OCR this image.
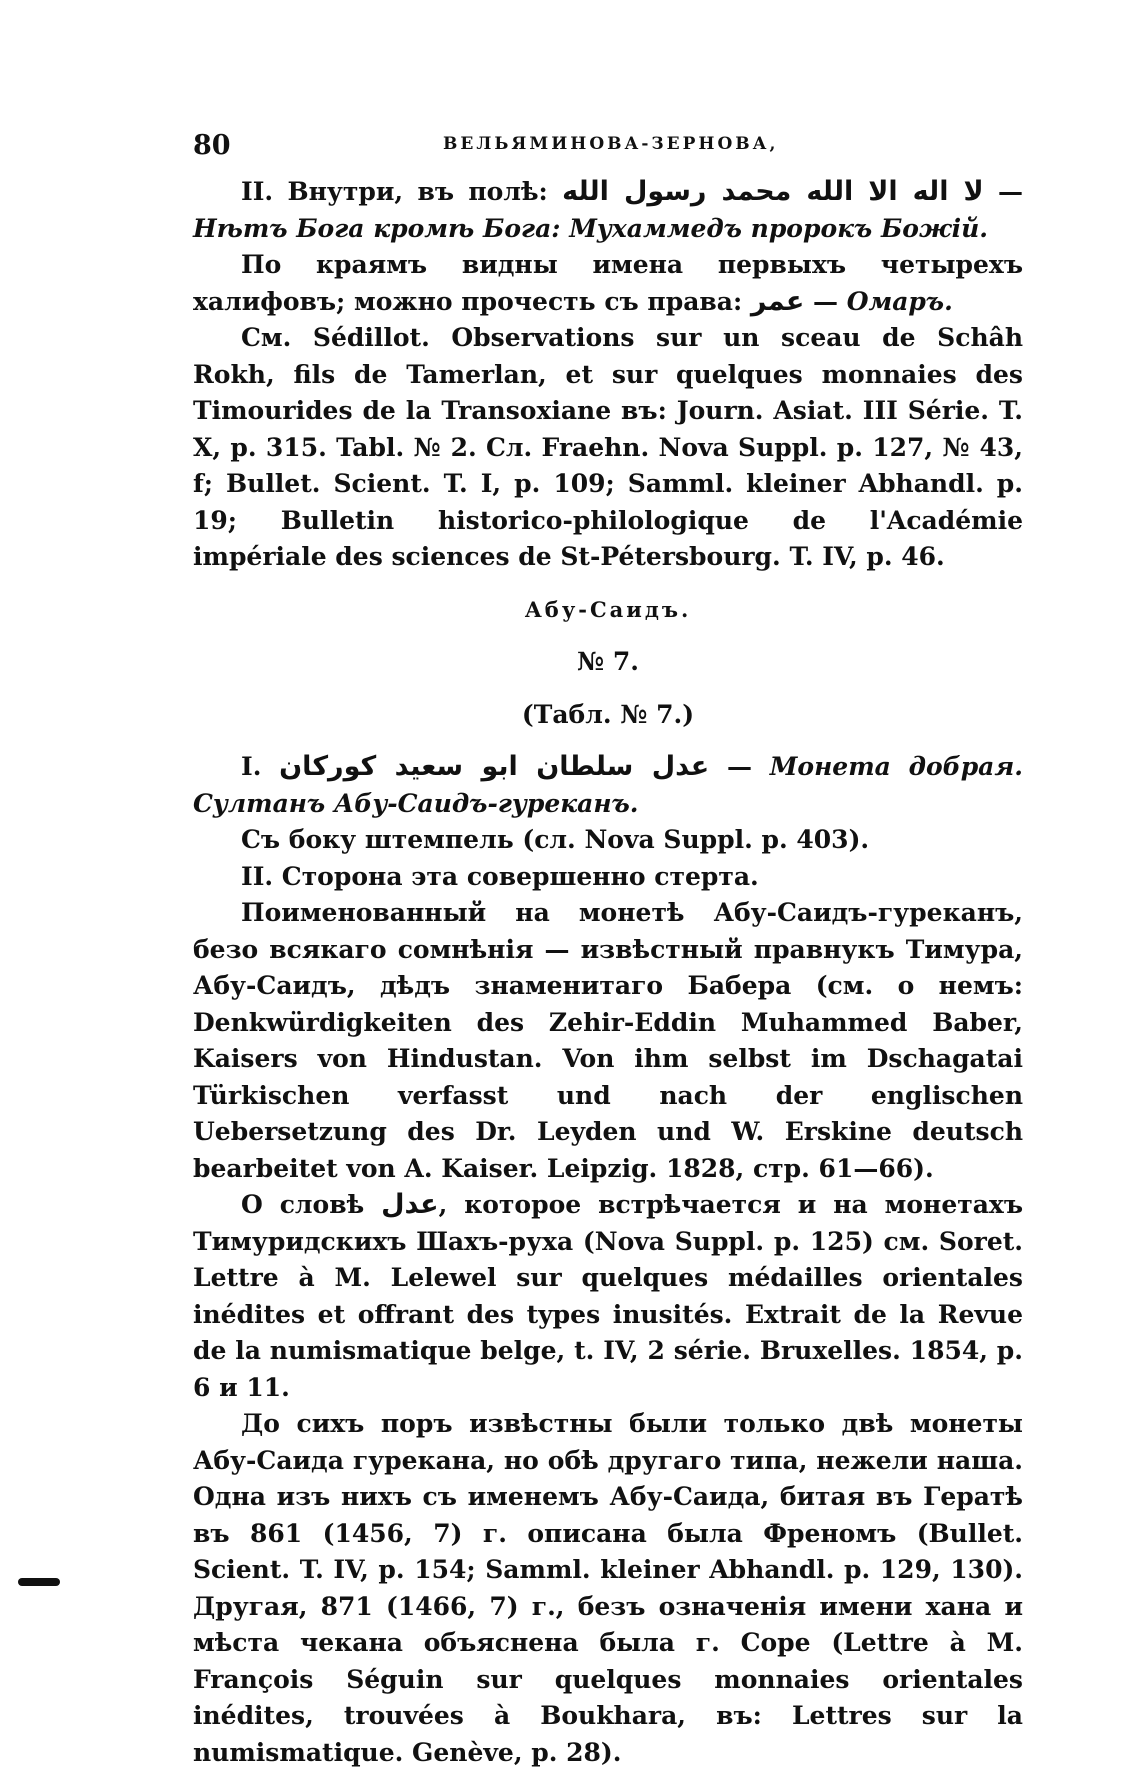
80	ВЕЛЬЯМИНОВА-ЗЕРНОВА,

II. Внутри, въ полѣ: لا اله الا الله محمد رسول الله — Нѣтъ Бога кромѣ Бога: Мухаммедъ пророкъ Божій.

По краямъ видны имена первыхъ четырехъ халифовъ; можно прочесть съ права: عمر — Омаръ.

См. Sédillot. Observations sur un sceau de Schâh Rokh, fils de Tamerlan, et sur quelques monnaies des Timourides de la Transoxiane въ: Journ. Asiat. III Série. T. X, p. 315. Tabl. № 2. Сл. Fraehn. Nova Suppl. p. 127, № 43, f; Bullet. Scient. T. I, p. 109; Samml. kleiner Abhandl. p. 19; Bulletin historico-philologique de l'Académie impériale des sciences de St-Pétersbourg. T. IV, p. 46.

Абу-Саидъ.

№ 7.

(Табл. № 7.)

I. عدل سلطان ابو سعيد كوركان — Монета добрая. Султанъ Абу-Саидъ-гуреканъ.

Съ боку штемпель (сл. Nova Suppl. p. 403).

II. Сторона эта совершенно стерта.

Поименованный на монетѣ Абу-Саидъ-гуреканъ, безо всякаго сомнѣнія — извѣстный правнукъ Тимура, Абу-Саидъ, дѣдъ знаменитаго Бабера (см. о немъ: Denkwürdigkeiten des Zehir-Eddin Muhammed Baber, Kaisers von Hindustan. Von ihm selbst im Dschagatai Türkischen verfasst und nach der englischen Uebersetzung des Dr. Leyden und W. Erskine deutsch bearbeitet von A. Kaiser. Leipzig. 1828, стр. 61—66).

О словѣ عدل, которое встрѣчается и на монетахъ Тимуридскихъ Шахъ-руха (Nova Suppl. p. 125) см. Soret. Lettre à M. Lelewel sur quelques médailles orientales inédites et offrant des types inusités. Extrait de la Revue de la numismatique belge, t. IV, 2 série. Bruxelles. 1854, p. 6 и 11.

До сихъ поръ извѣстны были только двѣ монеты Абу-Саида гурекана, но обѣ другаго типа, нежели наша. Одна изъ нихъ съ именемъ Абу-Саида, битая въ Гератѣ въ 861 (1456, 7) г. описана была Френомъ (Bullet. Scient. T. IV, p. 154; Samml. kleiner Abhandl. p. 129, 130). Другая, 871 (1466, 7) г., безъ означенія имени хана и мѣста чекана объяснена была г. Соре (Lettre à M. François Séguin sur quelques monnaies orientales inédites, trouvées à Boukhara, въ: Lettres sur la numismatique. Genève, p. 28).
